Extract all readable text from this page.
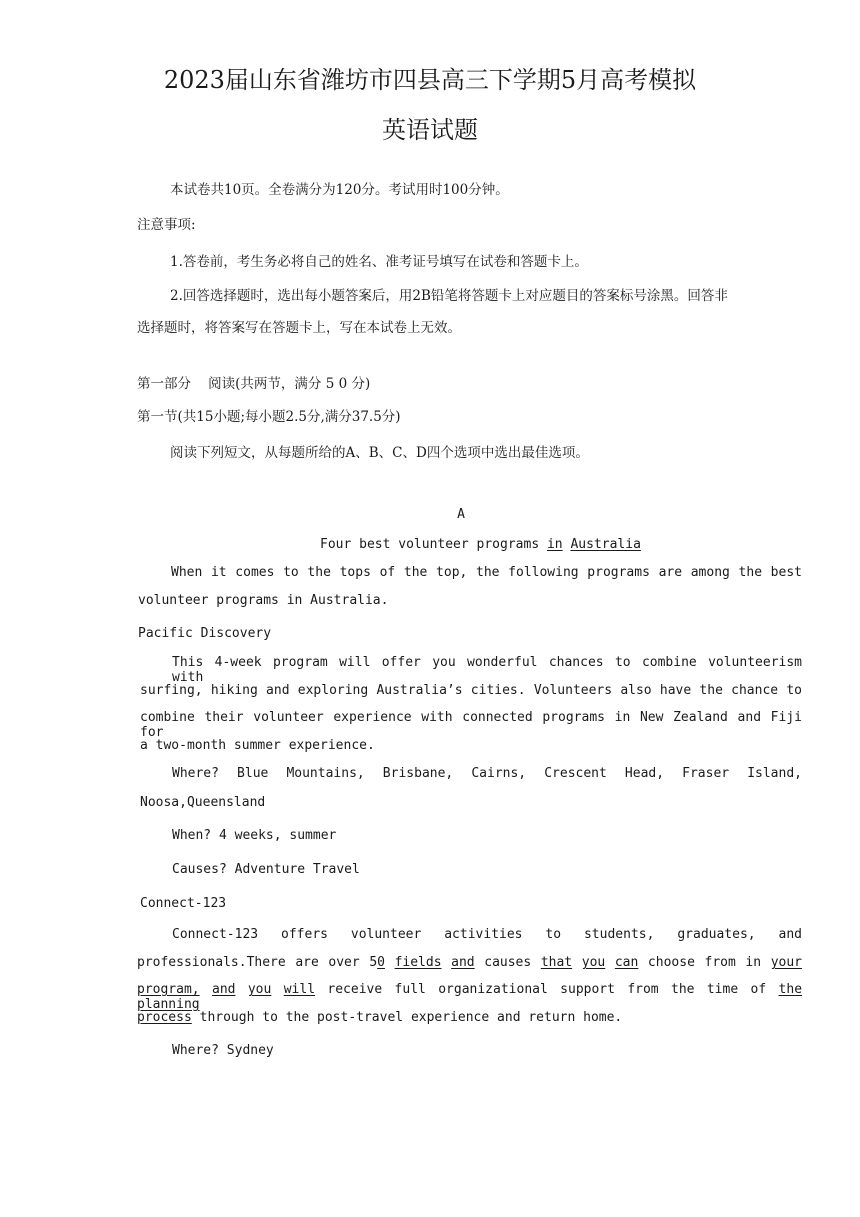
2023届山东省潍坊市四县高三下学期5月高考模拟
英语试题
本试卷共10页。全卷满分为120分。考试用时100分钟。
注意事项:
1.答卷前，考生务必将自己的姓名、准考证号填写在试卷和答题卡上。
2.回答选择题时，选出每小题答案后，用2B铅笔将答题卡上对应题目的答案标号涂黑。回答非
选择题时，将答案写在答题卡上，写在本试卷上无效。
第一部分    阅读(共两节，满分 5 0 分)
第一节(共15小题;每小题2.5分,满分37.5分)
阅读下列短文，从每题所给的A、B、C、D四个选项中选出最佳选项。
A
Four best volunteer programs in Australia
When it comes to the tops of the top, the following programs are among the best
volunteer programs in Australia.
Pacific Discovery
This 4-week program will offer you wonderful chances to combine volunteerism with
surfing, hiking and exploring Australia’s cities. Volunteers also have the chance to
combine their volunteer experience with connected programs in New Zealand and Fiji for
a two-month summer experience.
Where? Blue Mountains, Brisbane, Cairns, Crescent Head, Fraser Island,
Noosa,Queensland
When? 4 weeks, summer
Causes? Adventure Travel
Connect-123
Connect-123 offers volunteer activities to students, graduates, and
professionals.There are over 50 fields and causes that you can choose from in your
program, and you will receive full organizational support from the time of the planning
process through to the post-travel experience and return home.
Where? Sydney
